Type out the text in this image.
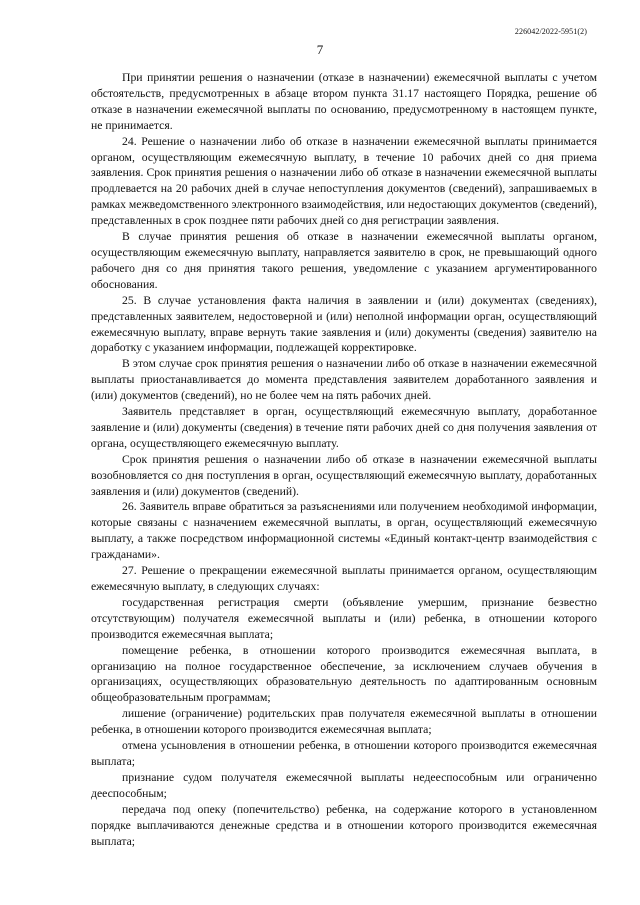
226042/2022-5951(2)
7

При принятии решения о назначении (отказе в назначении) ежемесячной выплаты с учетом обстоятельств, предусмотренных в абзаце втором пункта 31.17 настоящего Порядка, решение об отказе в назначении ежемесячной выплаты по основанию, предусмотренному в настоящем пункте, не принимается.

24. Решение о назначении либо об отказе в назначении ежемесячной выплаты принимается органом, осуществляющим ежемесячную выплату, в течение 10 рабочих дней со дня приема заявления. Срок принятия решения о назначении либо об отказе в назначении ежемесячной выплаты продлевается на 20 рабочих дней в случае непоступления документов (сведений), запрашиваемых в рамках межведомственного электронного взаимодействия, или недостающих документов (сведений), представленных в срок позднее пяти рабочих дней со дня регистрации заявления.

В случае принятия решения об отказе в назначении ежемесячной выплаты органом, осуществляющим ежемесячную выплату, направляется заявителю в срок, не превышающий одного рабочего дня со дня принятия такого решения, уведомление с указанием аргументированного обоснования.

25. В случае установления факта наличия в заявлении и (или) документах (сведениях), представленных заявителем, недостоверной и (или) неполной информации орган, осуществляющий ежемесячную выплату, вправе вернуть такие заявления и (или) документы (сведения) заявителю на доработку с указанием информации, подлежащей корректировке.

В этом случае срок принятия решения о назначении либо об отказе в назначении ежемесячной выплаты приостанавливается до момента представления заявителем доработанного заявления и (или) документов (сведений), но не более чем на пять рабочих дней.

Заявитель представляет в орган, осуществляющий ежемесячную выплату, доработанное заявление и (или) документы (сведения) в течение пяти рабочих дней со дня получения заявления от органа, осуществляющего ежемесячную выплату.

Срок принятия решения о назначении либо об отказе в назначении ежемесячной выплаты возобновляется со дня поступления в орган, осуществляющий ежемесячную выплату, доработанных заявления и (или) документов (сведений).

26. Заявитель вправе обратиться за разъяснениями или получением необходимой информации, которые связаны с назначением ежемесячной выплаты, в орган, осуществляющий ежемесячную выплату, а также посредством информационной системы «Единый контакт-центр взаимодействия с гражданами».

27. Решение о прекращении ежемесячной выплаты принимается органом, осуществляющим ежемесячную выплату, в следующих случаях:

государственная регистрация смерти (объявление умершим, признание безвестно отсутствующим) получателя ежемесячной выплаты и (или) ребенка, в отношении которого производится ежемесячная выплата;

помещение ребенка, в отношении которого производится ежемесячная выплата, в организацию на полное государственное обеспечение, за исключением случаев обучения в организациях, осуществляющих образовательную деятельность по адаптированным основным общеобразовательным программам;

лишение (ограничение) родительских прав получателя ежемесячной выплаты в отношении ребенка, в отношении которого производится ежемесячная выплата;

отмена усыновления в отношении ребенка, в отношении которого производится ежемесячная выплата;

признание судом получателя ежемесячной выплаты недееспособным или ограниченно дееспособным;

передача под опеку (попечительство) ребенка, на содержание которого в установленном порядке выплачиваются денежные средства и в отношении которого производится ежемесячная выплата;
